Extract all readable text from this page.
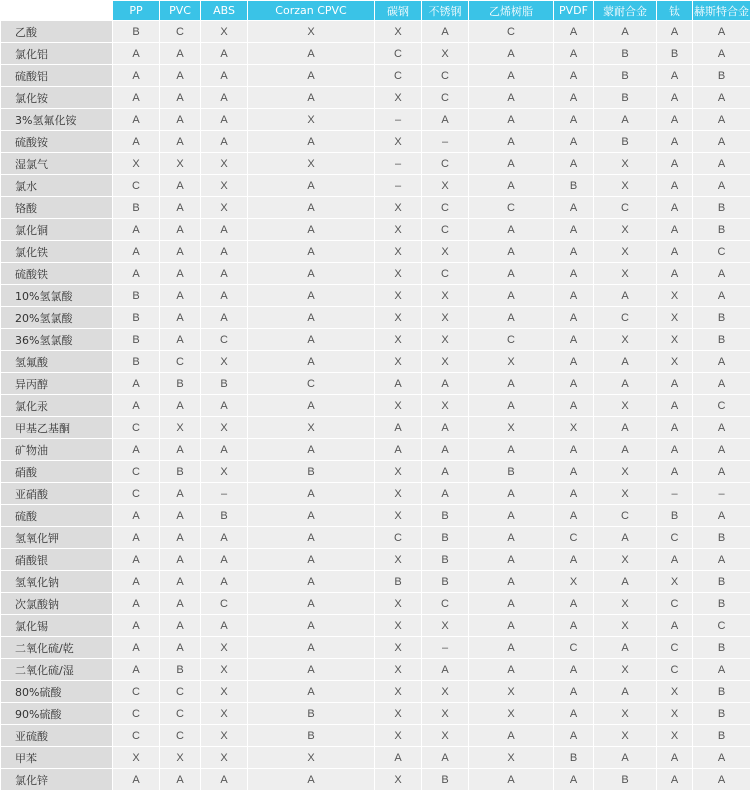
	PP	PVC	ABS	Corzan CPVC	碳钢	不锈钢	乙烯树脂	PVDF	蒙耐合金	钛	赫斯特合金
乙酸	B	C	X	X	X	A	C	A	A	A	A
氯化铝	A	A	A	A	C	X	A	A	B	B	A
硫酸铝	A	A	A	A	C	C	A	A	B	A	B
氯化铵	A	A	A	A	X	C	A	A	B	A	A
3%氢氟化铵	A	A	A	X	–	A	A	A	A	A	A
硫酸铵	A	A	A	A	X	–	A	A	B	A	A
湿氯气	X	X	X	X	–	C	A	A	X	A	A
氯水	C	A	X	A	–	X	A	B	X	A	A
铬酸	B	A	X	A	X	C	C	A	C	A	B
氯化铜	A	A	A	A	X	C	A	A	X	A	B
氯化铁	A	A	A	A	X	X	A	A	X	A	C
硫酸铁	A	A	A	A	X	C	A	A	X	A	A
10%氢氯酸	B	A	A	A	X	X	A	A	A	X	A
20%氢氯酸	B	A	A	A	X	X	A	A	C	X	B
36%氢氯酸	B	A	C	A	X	X	C	A	X	X	B
氢氟酸	B	C	X	A	X	X	X	A	A	X	A
异丙醇	A	B	B	C	A	A	A	A	A	A	A
氯化汞	A	A	A	A	X	X	A	A	X	A	C
甲基乙基酮	C	X	X	X	A	A	X	X	A	A	A
矿物油	A	A	A	A	A	A	A	A	A	A	A
硝酸	C	B	X	B	X	A	B	A	X	A	A
亚硝酸	C	A	–	A	X	A	A	A	X	–	–
硫酸	A	A	B	A	X	B	A	A	C	B	A
氢氧化钾	A	A	A	A	C	B	A	C	A	C	B
硝酸银	A	A	A	A	X	B	A	A	X	A	A
氢氧化钠	A	A	A	A	B	B	A	X	A	X	B
次氯酸钠	A	A	C	A	X	C	A	A	X	C	B
氯化锡	A	A	A	A	X	X	A	A	X	A	C
二氧化硫/乾	A	A	X	A	X	–	A	C	A	C	B
二氧化硫/湿	A	B	X	A	X	A	A	A	X	C	A
80%硫酸	C	C	X	A	X	X	X	A	A	X	B
90%硫酸	C	C	X	B	X	X	X	A	X	X	B
亚硫酸	C	C	X	B	X	X	A	A	X	X	B
甲苯	X	X	X	X	A	A	X	B	A	A	A
氯化锌	A	A	A	A	X	B	A	A	B	A	A
